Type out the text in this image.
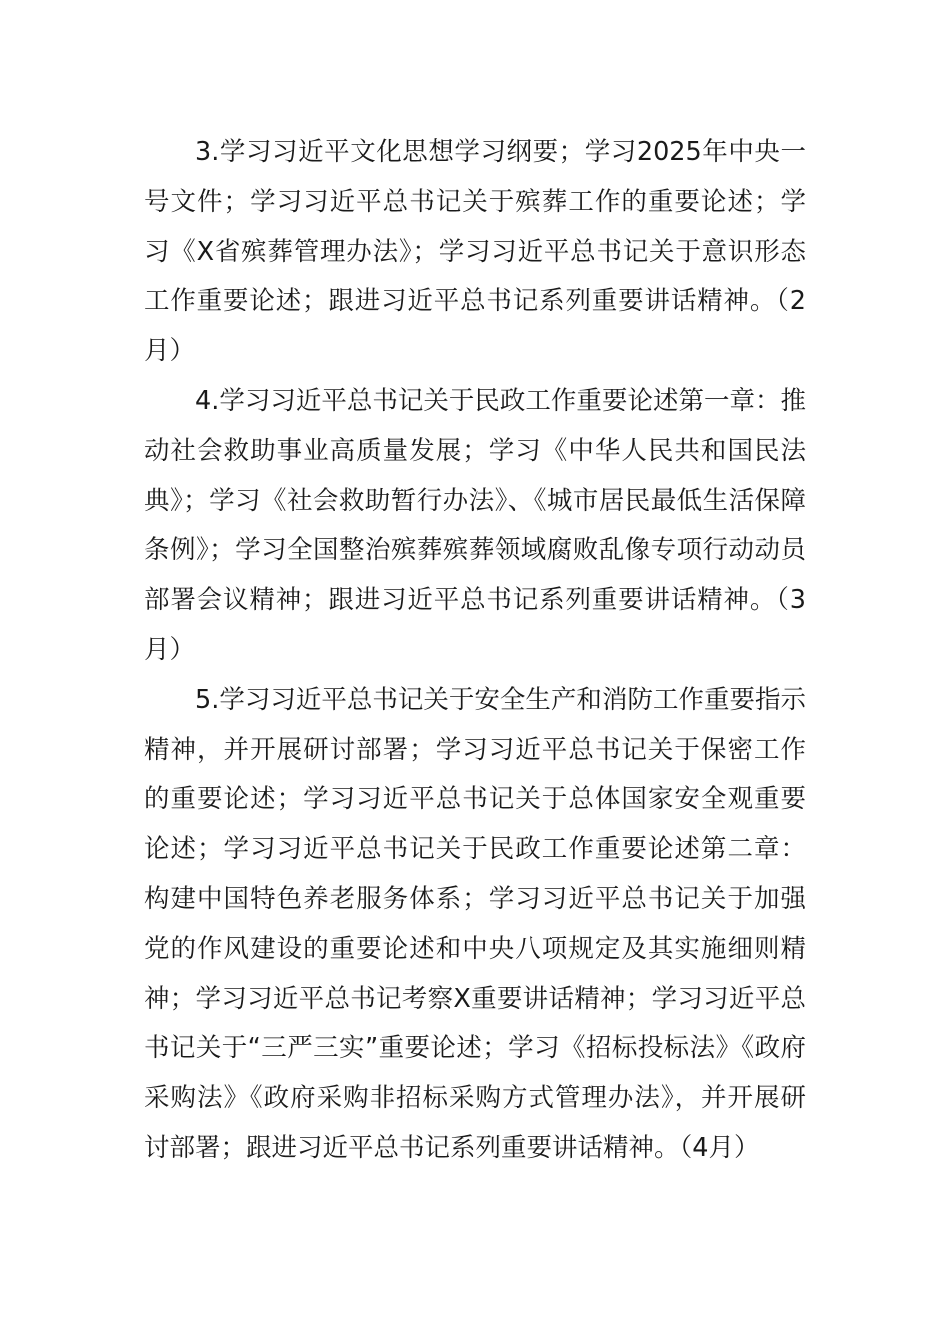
3.学习习近平文化思想学习纲要；学习2025年中央一号文件；学习习近平总书记关于殡葬工作的重要论述；学习《X省殡葬管理办法》；学习习近平总书记关于意识形态工作重要论述；跟进习近平总书记系列重要讲话精神。（2月）

4.学习习近平总书记关于民政工作重要论述第一章：推动社会救助事业高质量发展；学习《中华人民共和国民法典》；学习《社会救助暂行办法》、《城市居民最低生活保障条例》；学习全国整治殡葬殡葬领域腐败乱像专项行动动员部署会议精神；跟进习近平总书记系列重要讲话精神。（3月）

5.学习习近平总书记关于安全生产和消防工作重要指示精神，并开展研讨部署；学习习近平总书记关于保密工作的重要论述；学习习近平总书记关于总体国家安全观重要论述；学习习近平总书记关于民政工作重要论述第二章：构建中国特色养老服务体系；学习习近平总书记关于加强党的作风建设的重要论述和中央八项规定及其实施细则精神；学习习近平总书记考察X重要讲话精神；学习习近平总书记关于“三严三实”重要论述；学习《招标投标法》《政府采购法》《政府采购非招标采购方式管理办法》，并开展研讨部署；跟进习近平总书记系列重要讲话精神。（4月）
